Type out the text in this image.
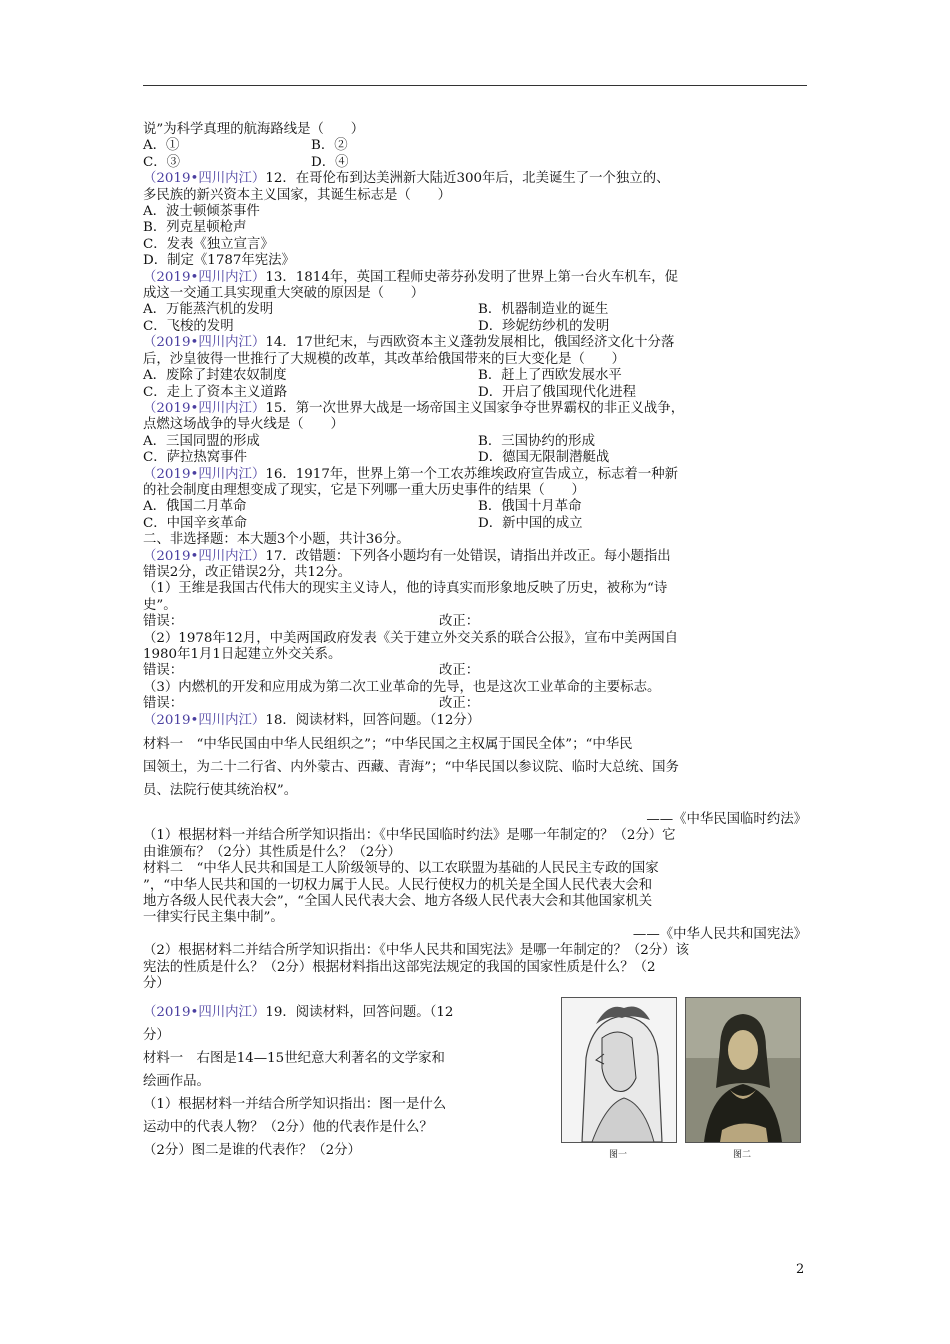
说”为科学真理的航海路线是（　　）

A．①	B．②
C．③	D．④

（2019•四川内江）12．在哥伦布到达美洲新大陆近300年后，北美诞生了一个独立的、

多民族的新兴资本主义国家，其诞生标志是（　　）

A．波士顿倾茶事件

B．列克星顿枪声

C．发表《独立宣言》

D．制定《1787年宪法》

（2019•四川内江）13．1814年，英国工程师史蒂芬孙发明了世界上第一台火车机车，促

成这一交通工具实现重大突破的原因是（　　）

A．万能蒸汽机的发明	B．机器制造业的诞生
C．飞梭的发明	D．珍妮纺纱机的发明

（2019•四川内江）14．17世纪末，与西欧资本主义蓬勃发展相比，俄国经济文化十分落

后，沙皇彼得一世推行了大规模的改革，其改革给俄国带来的巨大变化是（　　）

A．废除了封建农奴制度	B．赶上了西欧发展水平
C．走上了资本主义道路	D．开启了俄国现代化进程

（2019•四川内江）15．第一次世界大战是一场帝国主义国家争夺世界霸权的非正义战争，

点燃这场战争的导火线是（　　）

A．三国同盟的形成	B．三国协约的形成
C．萨拉热窝事件	D．德国无限制潜艇战

（2019•四川内江）16．1917年，世界上第一个工农苏维埃政府宣告成立，标志着一种新

的社会制度由理想变成了现实，它是下列哪一重大历史事件的结果（　　）

A．俄国二月革命	B．俄国十月革命
C．中国辛亥革命	D．新中国的成立

二、非选择题：本大题3个小题，共计36分。

（2019•四川内江）17．改错题：下列各小题均有一处错误，请指出并改正。每小题指出

错误2分，改正错误2分，共12分。

（1）王维是我国古代伟大的现实主义诗人，他的诗真实而形象地反映了历史，被称为“诗

史”。

错误：	改正：

（2）1978年12月，中美两国政府发表《关于建立外交关系的联合公报》，宣布中美两国自

1980年1月1日起建立外交关系。

错误：	改正：

（3）内燃机的开发和应用成为第二次工业革命的先导，也是这次工业革命的主要标志。

错误：	改正：

（2019•四川内江）18．阅读材料，回答问题。（12分）

材料一　“中华民国由中华人民组织之”；“中华民国之主权属于国民全体”；“中华民

国领土，为二十二行省、内外蒙古、西藏、青海”；“中华民国以参议院、临时大总统、国务

员、法院行使其统治权”。

——《中华民国临时约法》

（1）根据材料一并结合所学知识指出：《中华民国临时约法》是哪一年制定的？（2分）它

由谁颁布？（2分）其性质是什么？（2分）

材料二　“中华人民共和国是工人阶级领导的、以工农联盟为基础的人民民主专政的国家

”，“中华人民共和国的一切权力属于人民。人民行使权力的机关是全国人民代表大会和

地方各级人民代表大会”，“全国人民代表大会、地方各级人民代表大会和其他国家机关

一律实行民主集中制”。

——《中华人民共和国宪法》

（2）根据材料二并结合所学知识指出：《中华人民共和国宪法》是哪一年制定的？（2分）该

宪法的性质是什么？（2分）根据材料指出这部宪法规定的我国的国家性质是什么？（2

分）

（2019•四川内江）19．阅读材料，回答问题。（12

分）

材料一　右图是14—15世纪意大利著名的文学家和

绘画作品。

（1）根据材料一并结合所学知识指出：图一是什么

运动中的代表人物？（2分）他的代表作是什么？

（2分）图二是谁的代表作？（2分）	图一	图二
2
